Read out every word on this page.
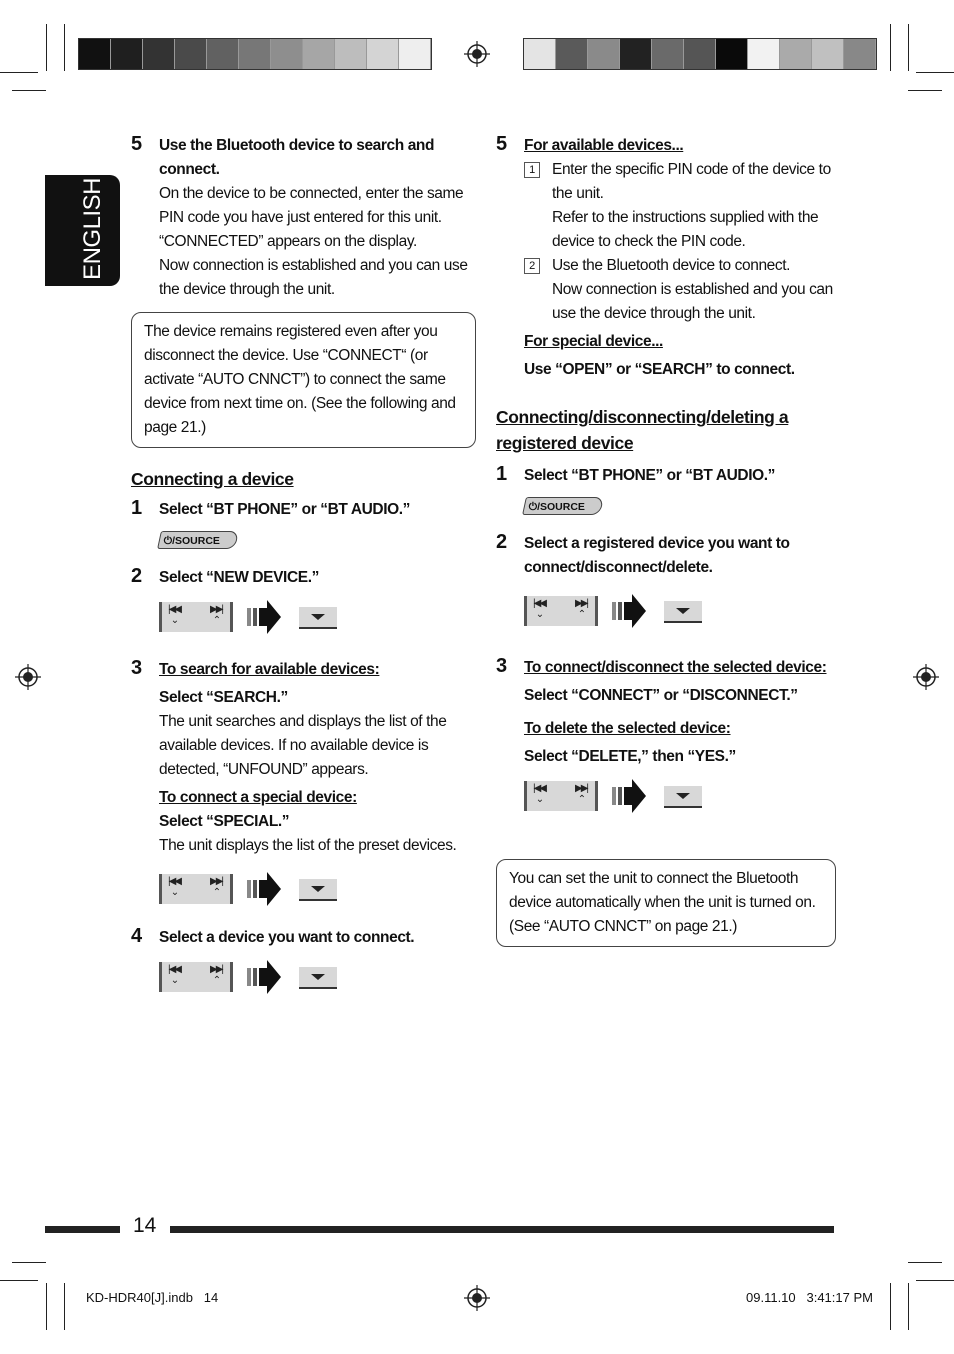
ENGLISH
5 Use the Bluetooth device to search and connect.
On the device to be connected, enter the same PIN code you have just entered for this unit. “CONNECTED” appears on the display.
Now connection is established and you can use the device through the unit.
The device remains registered even after you disconnect the device. Use “CONNECT“ (or activate “AUTO CNNCT”) to connect the same device from next time on. (See the following and page 21.)
Connecting a device
1 Select “BT PHONE” or “BT AUDIO.”
⏻/SOURCE
2 Select “NEW DEVICE.”
|◀◀
⌄
▶▶|
⌃
3 To search for available devices:
Select “SEARCH.”
The unit searches and displays the list of the available devices. If no available device is detected, “UNFOUND” appears.
To connect a special device:
Select “SPECIAL.”
The unit displays the list of the preset devices.
|◀◀
⌄
▶▶|
⌃
4 Select a device you want to connect.
|◀◀
⌄
▶▶|
⌃
5 For available devices...
1	Enter the specific PIN code of the device to the unit.
Refer to the instructions supplied with the device to check the PIN code.
2	Use the Bluetooth device to connect.
Now connection is established and you can use the device through the unit.
For special device...
Use “OPEN” or “SEARCH” to connect.
Connecting/disconnecting/deleting a registered device
1 Select “BT PHONE” or “BT AUDIO.”
⏻/SOURCE
2 Select a registered device you want to connect/disconnect/delete.
|◀◀
⌄
▶▶|
⌃
3 To connect/disconnect the selected device:
Select “CONNECT” or “DISCONNECT.”
To delete the selected device:
Select “DELETE,” then “YES.”
|◀◀
⌄
▶▶|
⌃
You can set the unit to connect the Bluetooth device automatically when the unit is turned on. (See “AUTO CNNCT” on page 21.)
14
KD-HDR40[J].indb   14	09.11.10   3:41:17 PM
